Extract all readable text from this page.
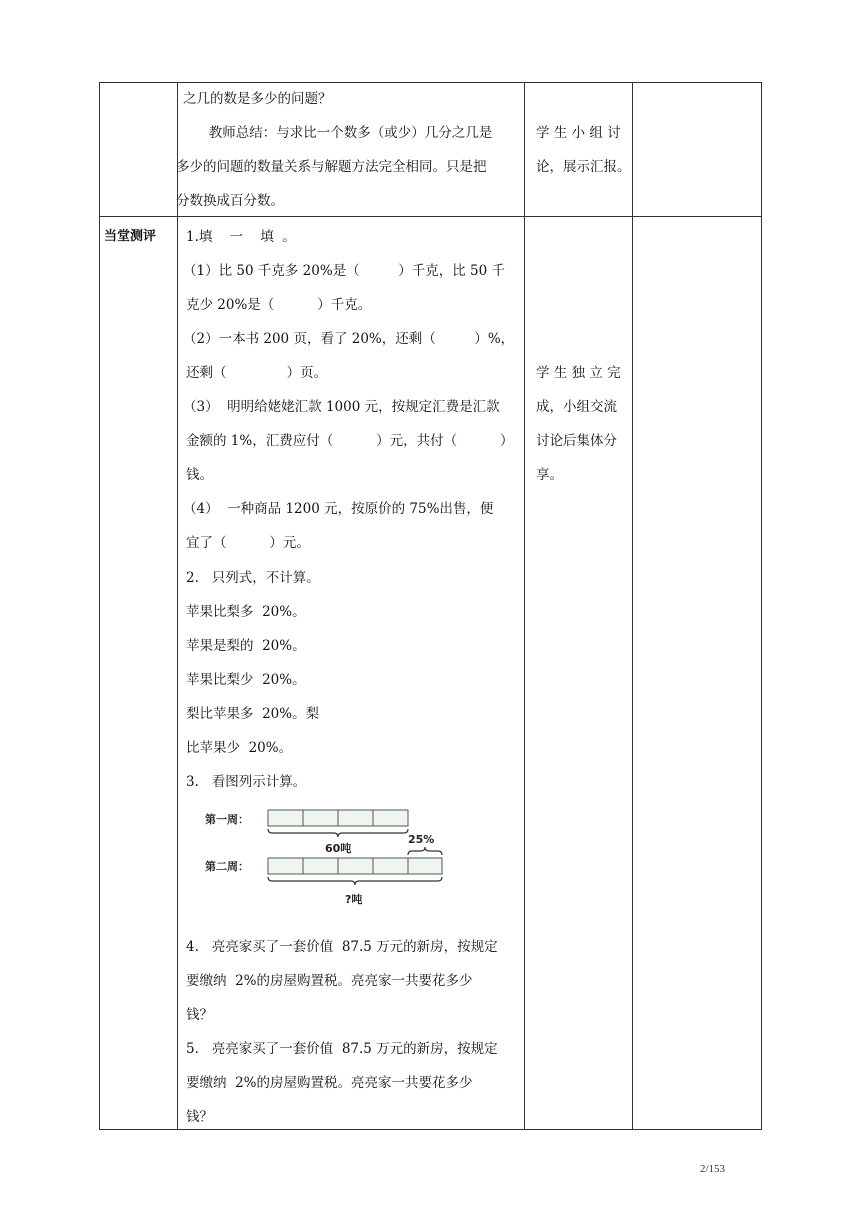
之几的数是多少的问题？
教师总结：与求比一个数多（或少）几分之几是
多少的问题的数量关系与解题方法完全相同。只是把
分数换成百分数。
学 生 小 组 讨
论，展示汇报。
当堂测评 1.填    一    填  。
（1）比 50 千克多 20%是（         ）千克，比 50 千
克少 20%是（          ）千克。
（2）一本书 200 页，看了 20%，还剩（         ）%，
还剩（              ）页。
（3）  明明给姥姥汇款 1000 元，按规定汇费是汇款
金额的 1%，汇费应付（          ）元，共付（          ）
钱。
（4）  一种商品 1200 元，按原价的 75%出售，便
宜了（          ）元。
2.   只列式，不计算。
苹果比梨多  20%。
苹果是梨的  20%。
苹果比梨少  20%。
梨比苹果多  20%。梨
比苹果少  20%。
3.   看图列示计算。
第一周：
60吨
25%
第二周：
?吨
4.   亮亮家买了一套价值  87.5 万元的新房，按规定
要缴纳  2%的房屋购置税。亮亮家一共要花多少
钱？
5.   亮亮家买了一套价值  87.5 万元的新房，按规定
要缴纳  2%的房屋购置税。亮亮家一共要花多少
钱？
学 生 独 立 完
成，小组交流
讨论后集体分
享。
2/153
